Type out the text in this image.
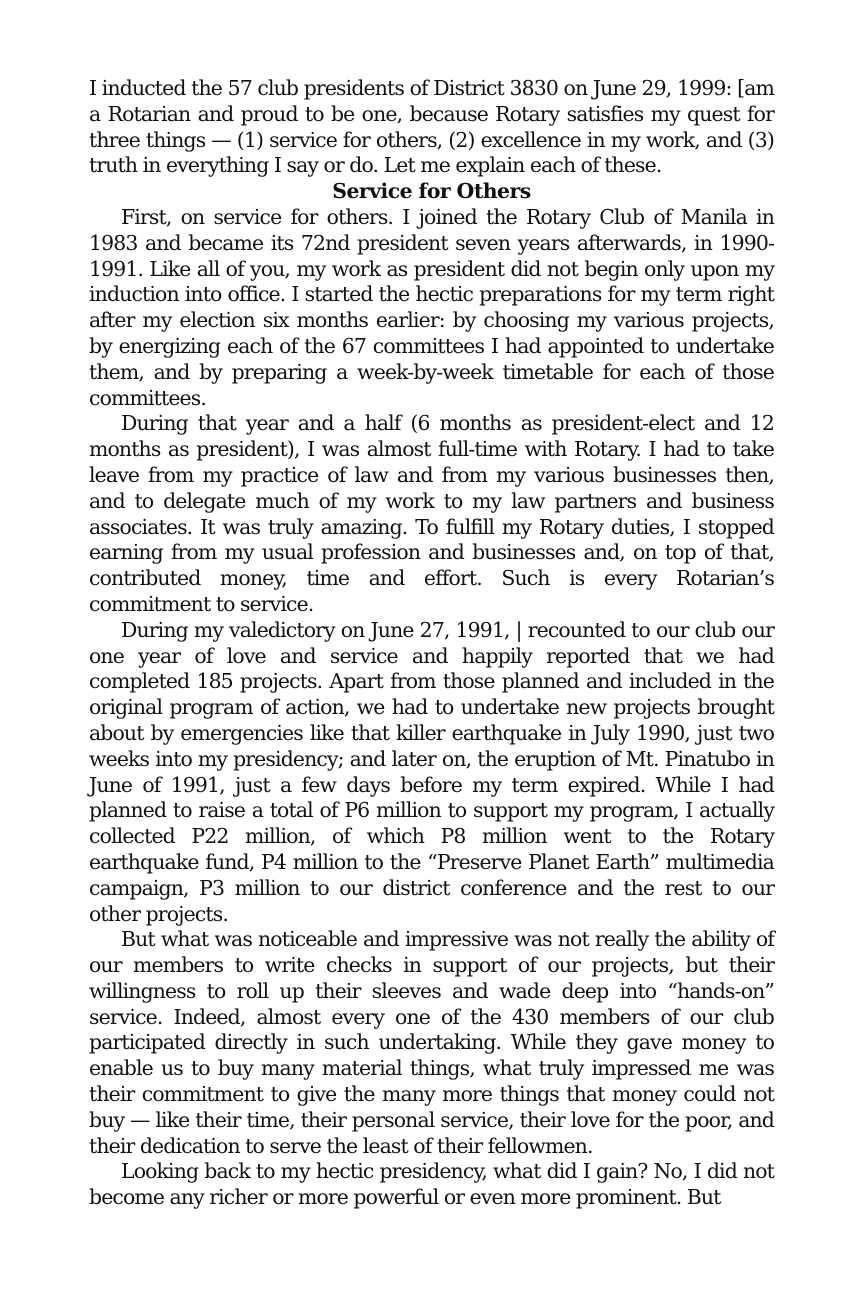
I inducted the 57 club presidents of District 3830 on June 29, 1999: [am a Rotarian and proud to be one, because Rotary satisfies my quest for three things — (1) service for others, (2) excellence in my work, and (3) truth in everything I say or do. Let me explain each of these.

Service for Others

First, on service for others. I joined the Rotary Club of Manila in 1983 and became its 72nd president seven years afterwards, in 1990-1991. Like all of you, my work as president did not begin only upon my induction into office. I started the hectic preparations for my term right after my election six months earlier: by choosing my various projects, by energizing each of the 67 committees I had appointed to undertake them, and by preparing a week-by-week timetable for each of those committees.

During that year and a half (6 months as president-elect and 12 months as president), I was almost full-time with Rotary. I had to take leave from my practice of law and from my various businesses then, and to delegate much of my work to my law partners and business associates. It was truly amazing. To fulfill my Rotary duties, I stopped earning from my usual profession and businesses and, on top of that, contributed money, time and effort. Such is every Rotarian’s commitment to service.

During my valedictory on June 27, 1991, | recounted to our club our one year of love and service and happily reported that we had completed 185 projects. Apart from those planned and included in the original program of action, we had to undertake new projects brought about by emergencies like that killer earthquake in July 1990, just two weeks into my presidency; and later on, the eruption of Mt. Pinatubo in June of 1991, just a few days before my term expired. While I had planned to raise a total of P6 million to support my program, I actually collected P22 million, of which P8 million went to the Rotary earthquake fund, P4 million to the “Preserve Planet Earth” multimedia campaign, P3 million to our district conference and the rest to our other projects.

But what was noticeable and impressive was not really the ability of our members to write checks in support of our projects, but their willingness to roll up their sleeves and wade deep into “hands-on” service. Indeed, almost every one of the 430 members of our club participated directly in such undertaking. While they gave money to enable us to buy many material things, what truly impressed me was their commitment to give the many more things that money could not buy — like their time, their personal service, their love for the poor, and their dedication to serve the least of their fellowmen.

Looking back to my hectic presidency, what did I gain? No, I did not become any richer or more powerful or even more prominent. But
